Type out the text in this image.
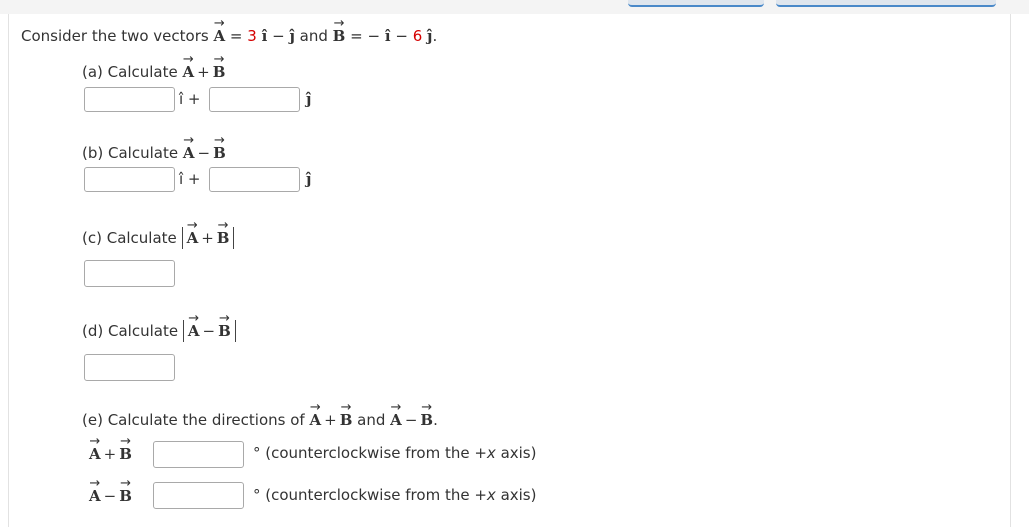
Consider the two vectors → A = 3 î − ĵ and → B = − î − 6 ĵ.
(a) Calculate → A + → B
î +	ĵ
(b) Calculate → A − → B
î +	ĵ
(c) Calculate → A + → B
(d) Calculate → A − → B
(e) Calculate the directions of → A + → B and → A − → B.
→ A + → B	° (counterclockwise from the +x axis)
→ A − → B	° (counterclockwise from the +x axis)
